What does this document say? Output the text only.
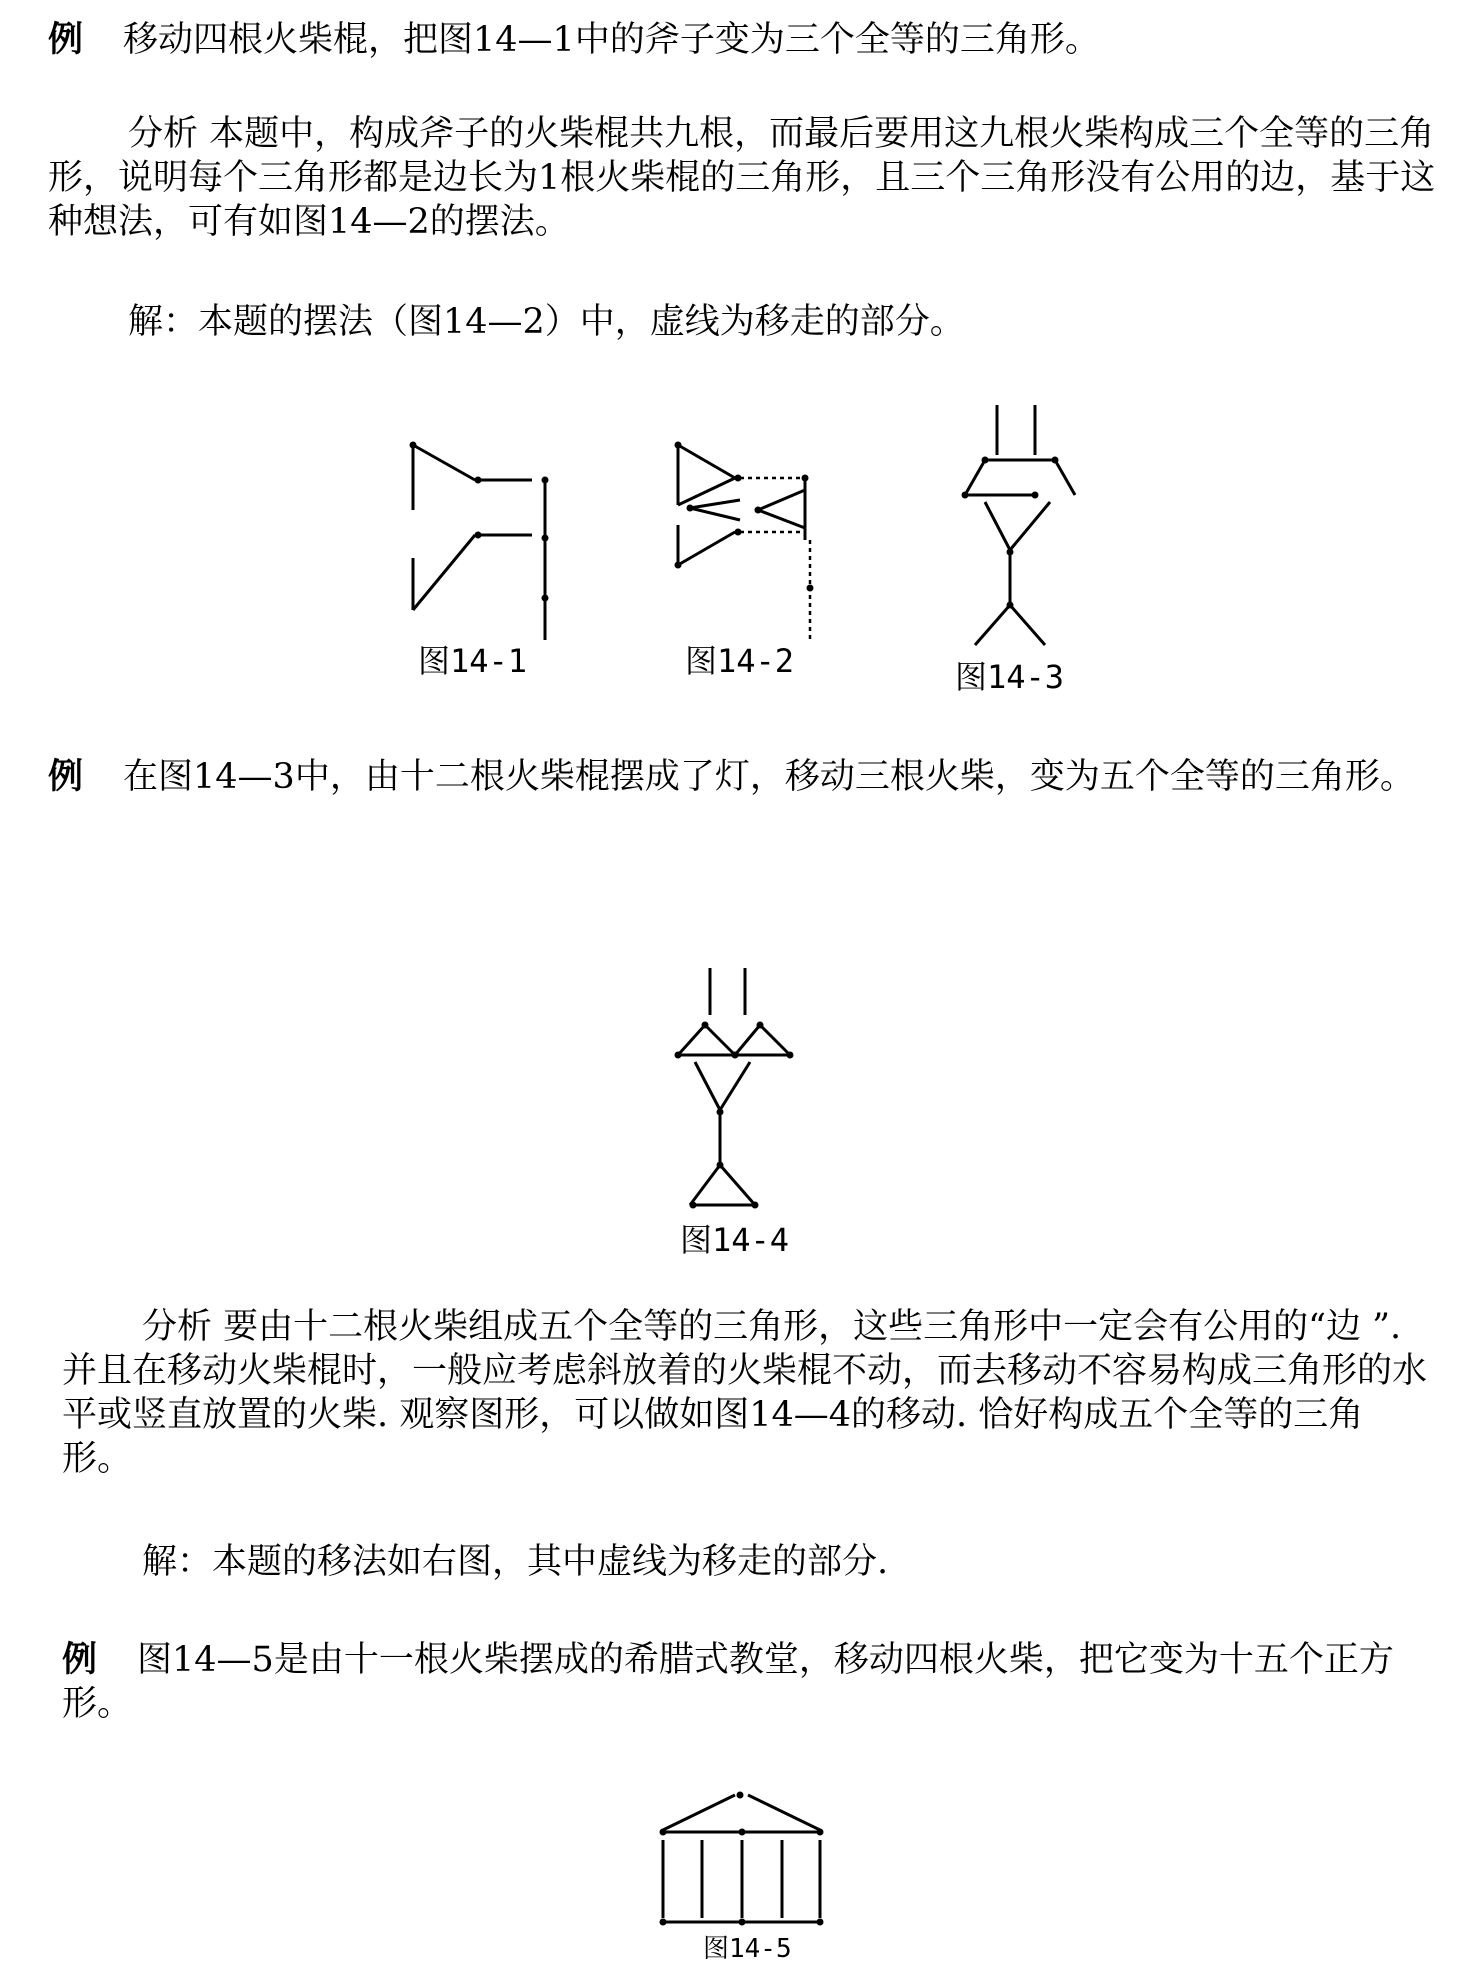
例 移动四根火柴棍，把图14—1中的斧子变为三个全等的三角形。

分析 本题中，构成斧子的火柴棍共九根，而最后要用这九根火柴构成三个全等的三角形，说明每个三角形都是边长为1根火柴棍的三角形，且三个三角形没有公用的边，基于这种想法，可有如图14—2的摆法。

解：本题的摆法（图14—2）中，虚线为移走的部分。

图14-1	图14-2	图14-3

例 在图14—3中，由十二根火柴棍摆成了灯，移动三根火柴，变为五个全等的三角形。

图14-4

分析 要由十二根火柴组成五个全等的三角形，这些三角形中一定会有公用的“边 ”. 并且在移动火柴棍时，一般应考虑斜放着的火柴棍不动，而去移动不容易构成三角形的水平或竖直放置的火柴. 观察图形，可以做如图14—4的移动. 恰好构成五个全等的三角形。

解：本题的移法如右图，其中虚线为移走的部分.

例 图14—5是由十一根火柴摆成的希腊式教堂，移动四根火柴，把它变为十五个正方形。

图14-5
